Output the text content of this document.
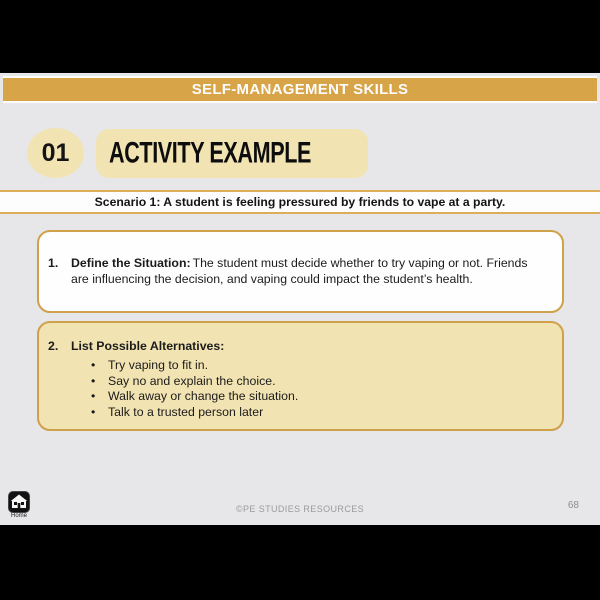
SELF-MANAGEMENT SKILLS
01 ACTIVITY EXAMPLE
Scenario 1: A student is feeling pressured by friends to vape at a party.
1.	Define the Situation: The student must decide whether to try vaping or not. Friends are influencing the decision, and vaping could impact the student’s health.
2.	List Possible Alternatives:
• Try vaping to fit in.
• Say no and explain the choice.
• Walk away or change the situation.
• Talk to a trusted person later
Home
©PE STUDIES RESOURCES	68
